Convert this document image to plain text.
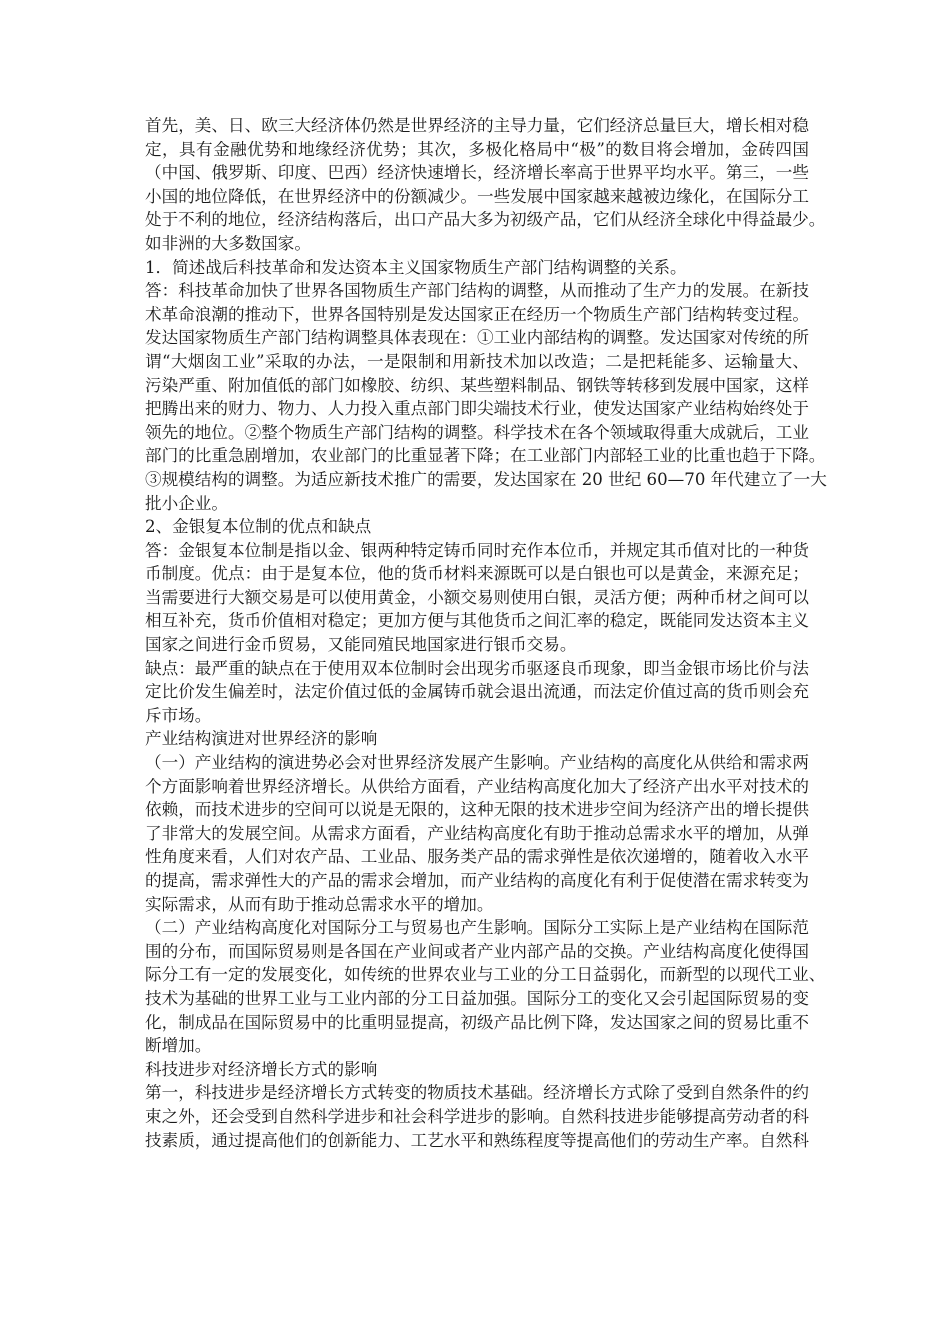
首先，美、日、欧三大经济体仍然是世界经济的主导力量，它们经济总量巨大，增长相对稳
定，具有金融优势和地缘经济优势；其次，多极化格局中“极”的数目将会增加，金砖四国
（中国、俄罗斯、印度、巴西）经济快速增长，经济增长率高于世界平均水平。第三，一些
小国的地位降低，在世界经济中的份额减少。一些发展中国家越来越被边缘化，在国际分工
处于不利的地位，经济结构落后，出口产品大多为初级产品，它们从经济全球化中得益最少。
如非洲的大多数国家。
1．简述战后科技革命和发达资本主义国家物质生产部门结构调整的关系。
答：科技革命加快了世界各国物质生产部门结构的调整，从而推动了生产力的发展。在新技
术革命浪潮的推动下，世界各国特别是发达国家正在经历一个物质生产部门结构转变过程。
发达国家物质生产部门结构调整具体表现在：①工业内部结构的调整。发达国家对传统的所
谓“大烟囱工业”采取的办法，一是限制和用新技术加以改造；二是把耗能多、运输量大、
污染严重、附加值低的部门如橡胶、纺织、某些塑料制品、钢铁等转移到发展中国家，这样
把腾出来的财力、物力、人力投入重点部门即尖端技术行业，使发达国家产业结构始终处于
领先的地位。②整个物质生产部门结构的调整。科学技术在各个领域取得重大成就后，工业
部门的比重急剧增加，农业部门的比重显著下降；在工业部门内部轻工业的比重也趋于下降。
③规模结构的调整。为适应新技术推广的需要，发达国家在 20 世纪 60—70 年代建立了一大
批小企业。
2、金银复本位制的优点和缺点
答：金银复本位制是指以金、银两种特定铸币同时充作本位币，并规定其币值对比的一种货
币制度。优点：由于是复本位，他的货币材料来源既可以是白银也可以是黄金，来源充足；
当需要进行大额交易是可以使用黄金，小额交易则使用白银，灵活方便；两种币材之间可以
相互补充，货币价值相对稳定；更加方便与其他货币之间汇率的稳定，既能同发达资本主义
国家之间进行金币贸易，又能同殖民地国家进行银币交易。
缺点：最严重的缺点在于使用双本位制时会出现劣币驱逐良币现象，即当金银市场比价与法
定比价发生偏差时，法定价值过低的金属铸币就会退出流通，而法定价值过高的货币则会充
斥市场。
产业结构演进对世界经济的影响
（一）产业结构的演进势必会对世界经济发展产生影响。产业结构的高度化从供给和需求两
个方面影响着世界经济增长。从供给方面看，产业结构高度化加大了经济产出水平对技术的
依赖，而技术进步的空间可以说是无限的，这种无限的技术进步空间为经济产出的增长提供
了非常大的发展空间。从需求方面看，产业结构高度化有助于推动总需求水平的增加，从弹
性角度来看，人们对农产品、工业品、服务类产品的需求弹性是依次递增的，随着收入水平
的提高，需求弹性大的产品的需求会增加，而产业结构的高度化有利于促使潜在需求转变为
实际需求，从而有助于推动总需求水平的增加。
（二）产业结构高度化对国际分工与贸易也产生影响。国际分工实际上是产业结构在国际范
围的分布，而国际贸易则是各国在产业间或者产业内部产品的交换。产业结构高度化使得国
际分工有一定的发展变化，如传统的世界农业与工业的分工日益弱化，而新型的以现代工业、
技术为基础的世界工业与工业内部的分工日益加强。国际分工的变化又会引起国际贸易的变
化，制成品在国际贸易中的比重明显提高，初级产品比例下降，发达国家之间的贸易比重不
断增加。
科技进步对经济增长方式的影响
第一，科技进步是经济增长方式转变的物质技术基础。经济增长方式除了受到自然条件的约
束之外，还会受到自然科学进步和社会科学进步的影响。自然科技进步能够提高劳动者的科
技素质，通过提高他们的创新能力、工艺水平和熟练程度等提高他们的劳动生产率。自然科
